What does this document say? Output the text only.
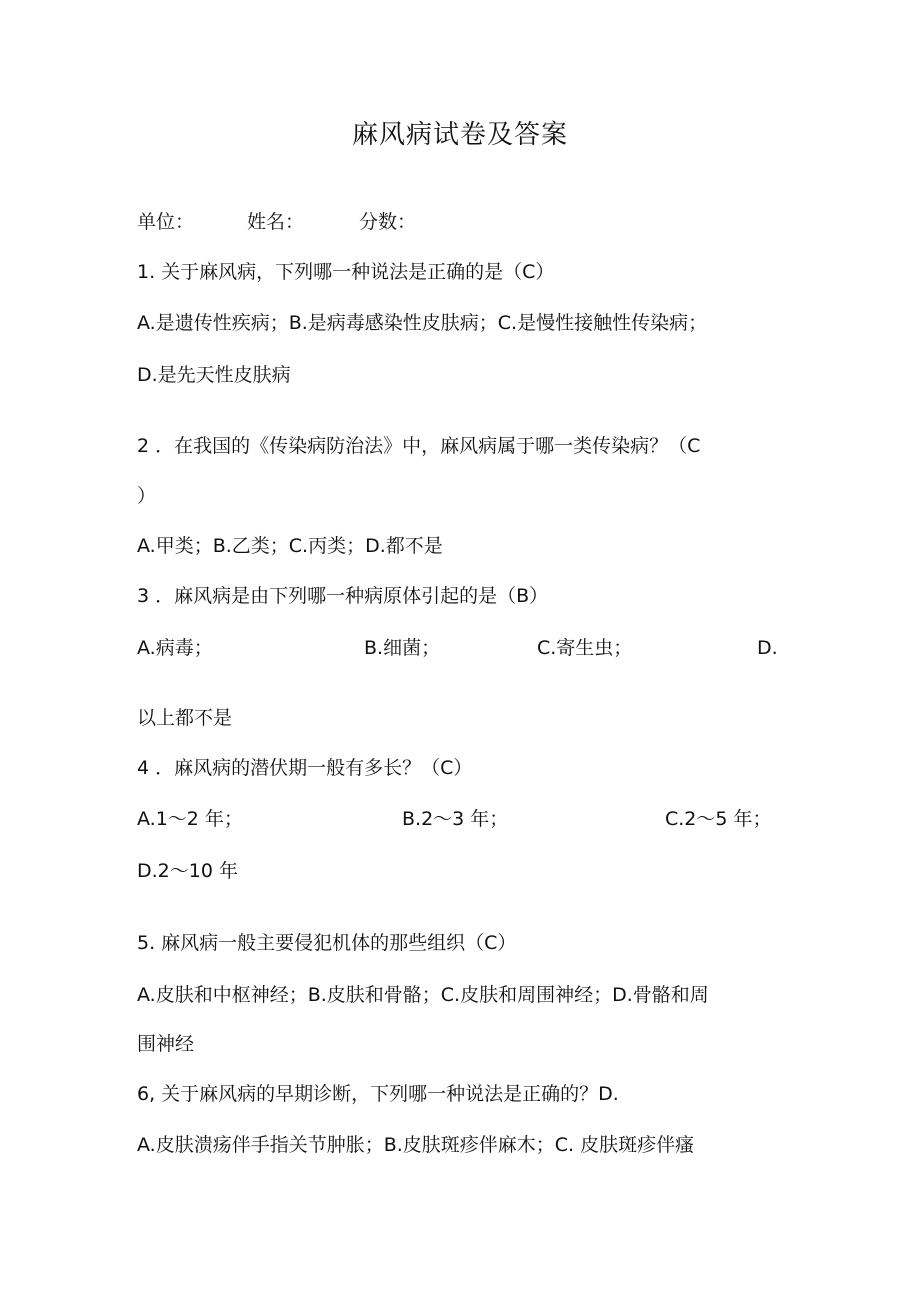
麻风病试卷及答案
单位：	姓名：	分数：
1. 关于麻风病，下列哪一种说法是正确的是（C）
A.是遗传性疾病；B.是病毒感染性皮肤病；C.是慢性接触性传染病；
D.是先天性皮肤病
2 ．在我国的《传染病防治法》中，麻风病属于哪一类传染病？（C
）
A.甲类；B.乙类；C.丙类；D.都不是
3 ．麻风病是由下列哪一种病原体引起的是（B）
A.病毒；	B.细菌；	C.寄生虫；	D.
以上都不是
4 ．麻风病的潜伏期一般有多长？（C）
A.1～2 年；	B.2～3 年；	C.2～5 年；
D.2～10 年
5. 麻风病一般主要侵犯机体的那些组织（C）
A.皮肤和中枢神经；B.皮肤和骨骼；C.皮肤和周围神经；D.骨骼和周
围神经
6, 关于麻风病的早期诊断，下列哪一种说法是正确的？D.
A.皮肤溃疡伴手指关节肿胀；B.皮肤斑疹伴麻木；C. 皮肤斑疹伴瘙
